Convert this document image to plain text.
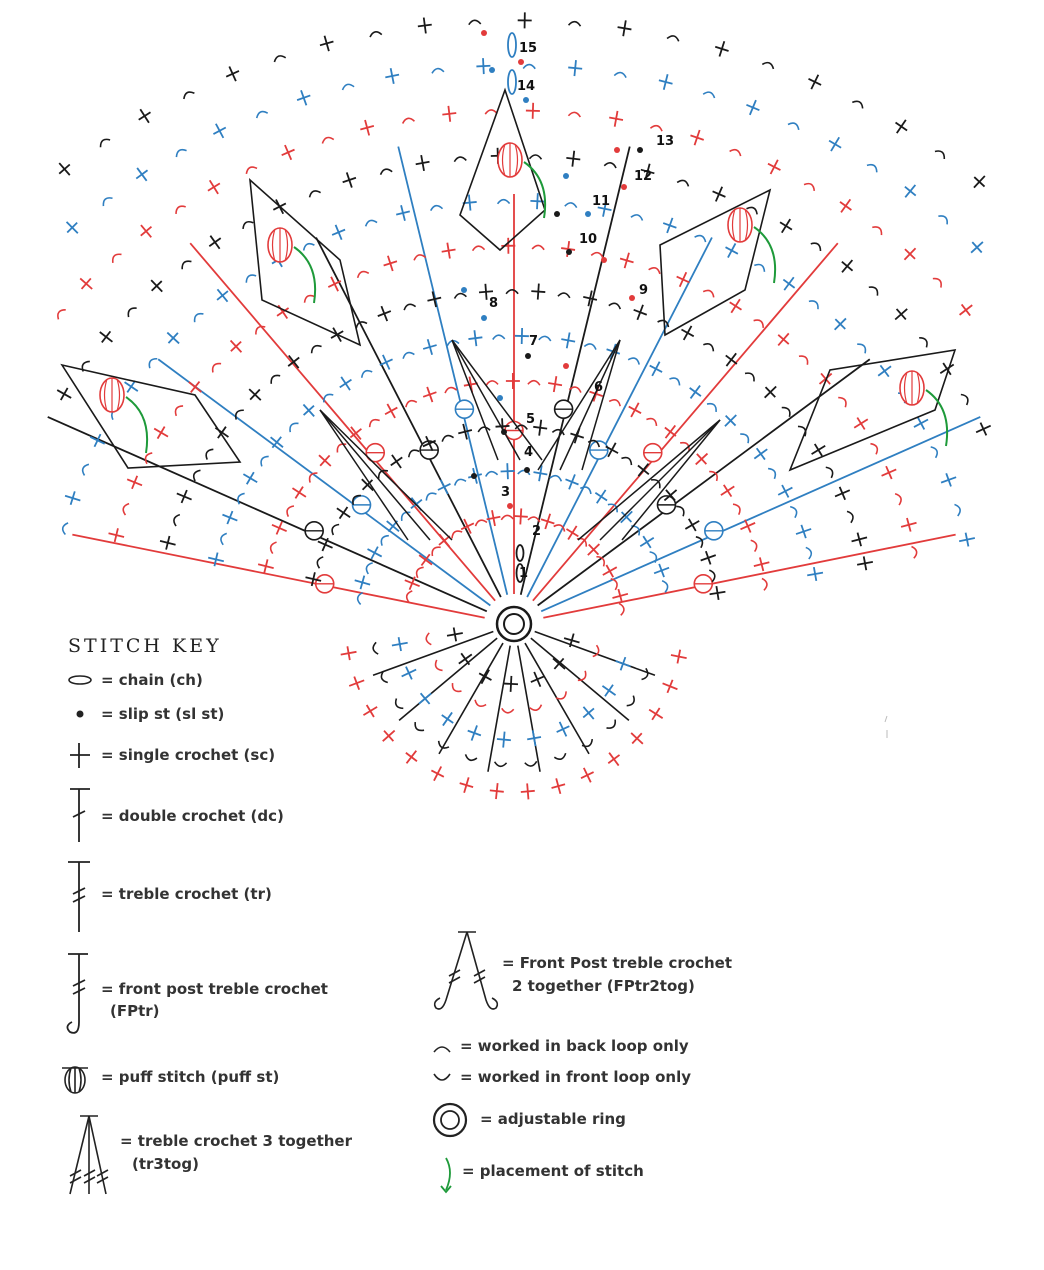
1
2
3
4
5
6
7
8
9
10
11
12
13
14
15
STITCH KEY
= chain (ch)
= slip st (sl st)
= single crochet (sc)
= double crochet (dc)
= treble crochet (tr)
= front post treble crochet
(FPtr)
= puff stitch (puff st)
= treble crochet 3 together
(tr3tog)
= Front Post treble crochet
2 together (FPtr2tog)
= worked in back loop only
= worked in front loop only
= adjustable ring
= placement of stitch
